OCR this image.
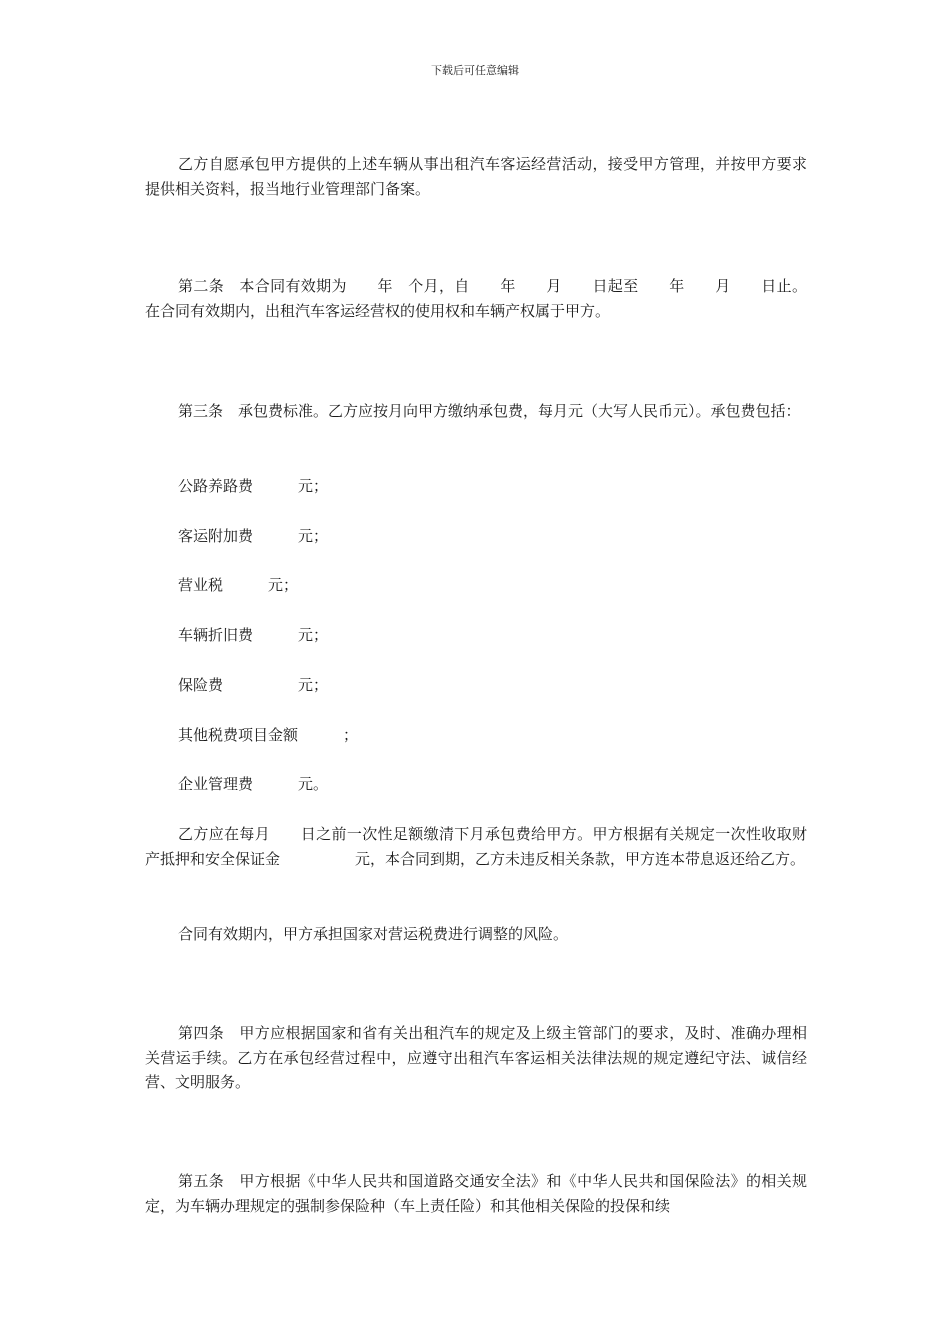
下载后可任意编辑

乙方自愿承包甲方提供的上述车辆从事出租汽车客运经营活动，接受甲方管理，并按甲方要求提供相关资料，报当地行业管理部门备案。

第二条　本合同有效期为　　年　个月，自　　年　　月　　日起至　　年　　月　　日止。在合同有效期内，出租汽车客运经营权的使用权和车辆产权属于甲方。

第三条　承包费标准。乙方应按月向甲方缴纳承包费，每月元（大写人民币元）。承包费包括：

公路养路费　　　元；
客运附加费　　　元；
营业税　　　元；
车辆折旧费　　　元；
保险费　　　　　元；
其他税费项目金额　　　；
企业管理费　　　元。

乙方应在每月　　日之前一次性足额缴清下月承包费给甲方。甲方根据有关规定一次性收取财产抵押和安全保证金　　　　　元，本合同到期，乙方未违反相关条款，甲方连本带息返还给乙方。

合同有效期内，甲方承担国家对营运税费进行调整的风险。

第四条　甲方应根据国家和省有关出租汽车的规定及上级主管部门的要求，及时、准确办理相关营运手续。乙方在承包经营过程中，应遵守出租汽车客运相关法律法规的规定遵纪守法、诚信经营、文明服务。

第五条　甲方根据《中华人民共和国道路交通安全法》和《中华人民共和国保险法》的相关规定，为车辆办理规定的强制参保险种（车上责任险）和其他相关保险的投保和续
